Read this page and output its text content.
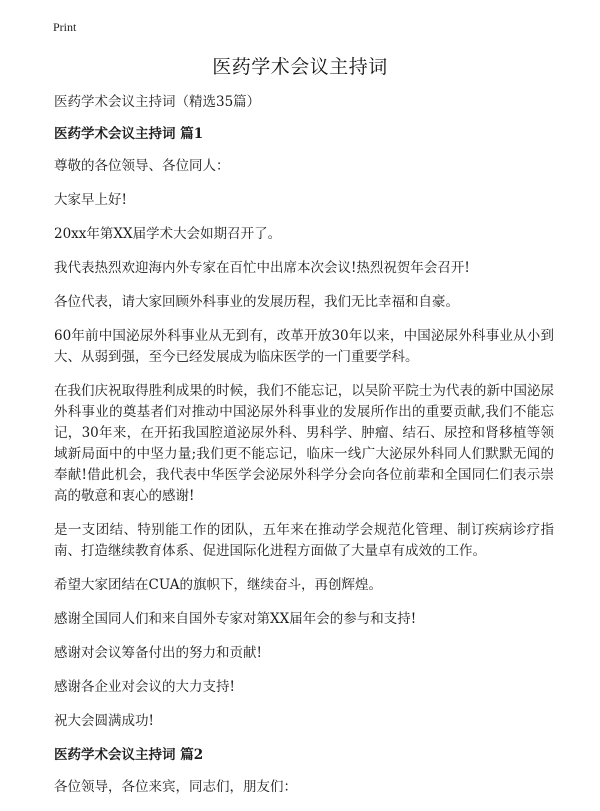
Print
医药学术会议主持词

医药学术会议主持词（精选35篇）

医药学术会议主持词 篇1

尊敬的各位领导、各位同人：

大家早上好!

20xx年第XX届学术大会如期召开了。

我代表热烈欢迎海内外专家在百忙中出席本次会议!热烈祝贺年会召开!

各位代表，请大家回顾外科事业的发展历程，我们无比幸福和自豪。

60年前中国泌尿外科事业从无到有，改革开放30年以来，中国泌尿外科事业从小到大、从弱到强，至今已经发展成为临床医学的一门重要学科。

在我们庆祝取得胜利成果的时候，我们不能忘记，以吴阶平院士为代表的新中国泌尿外科事业的奠基者们对推动中国泌尿外科事业的发展所作出的重要贡献,我们不能忘记，30年来，在开拓我国腔道泌尿外科、男科学、肿瘤、结石、尿控和肾移植等领域新局面中的中坚力量;我们更不能忘记，临床一线广大泌尿外科同人们默默无闻的奉献!借此机会，我代表中华医学会泌尿外科学分会向各位前辈和全国同仁们表示崇高的敬意和衷心的感谢!

是一支团结、特别能工作的团队，五年来在推动学会规范化管理、制订疾病诊疗指南、打造继续教育体系、促进国际化进程方面做了大量卓有成效的工作。

希望大家团结在CUA的旗帜下，继续奋斗，再创辉煌。

感谢全国同人们和来自国外专家对第XX届年会的参与和支持!

感谢对会议筹备付出的努力和贡献!

感谢各企业对会议的大力支持!

祝大会圆满成功!

医药学术会议主持词 篇2

各位领导，各位来宾，同志们，朋友们：
